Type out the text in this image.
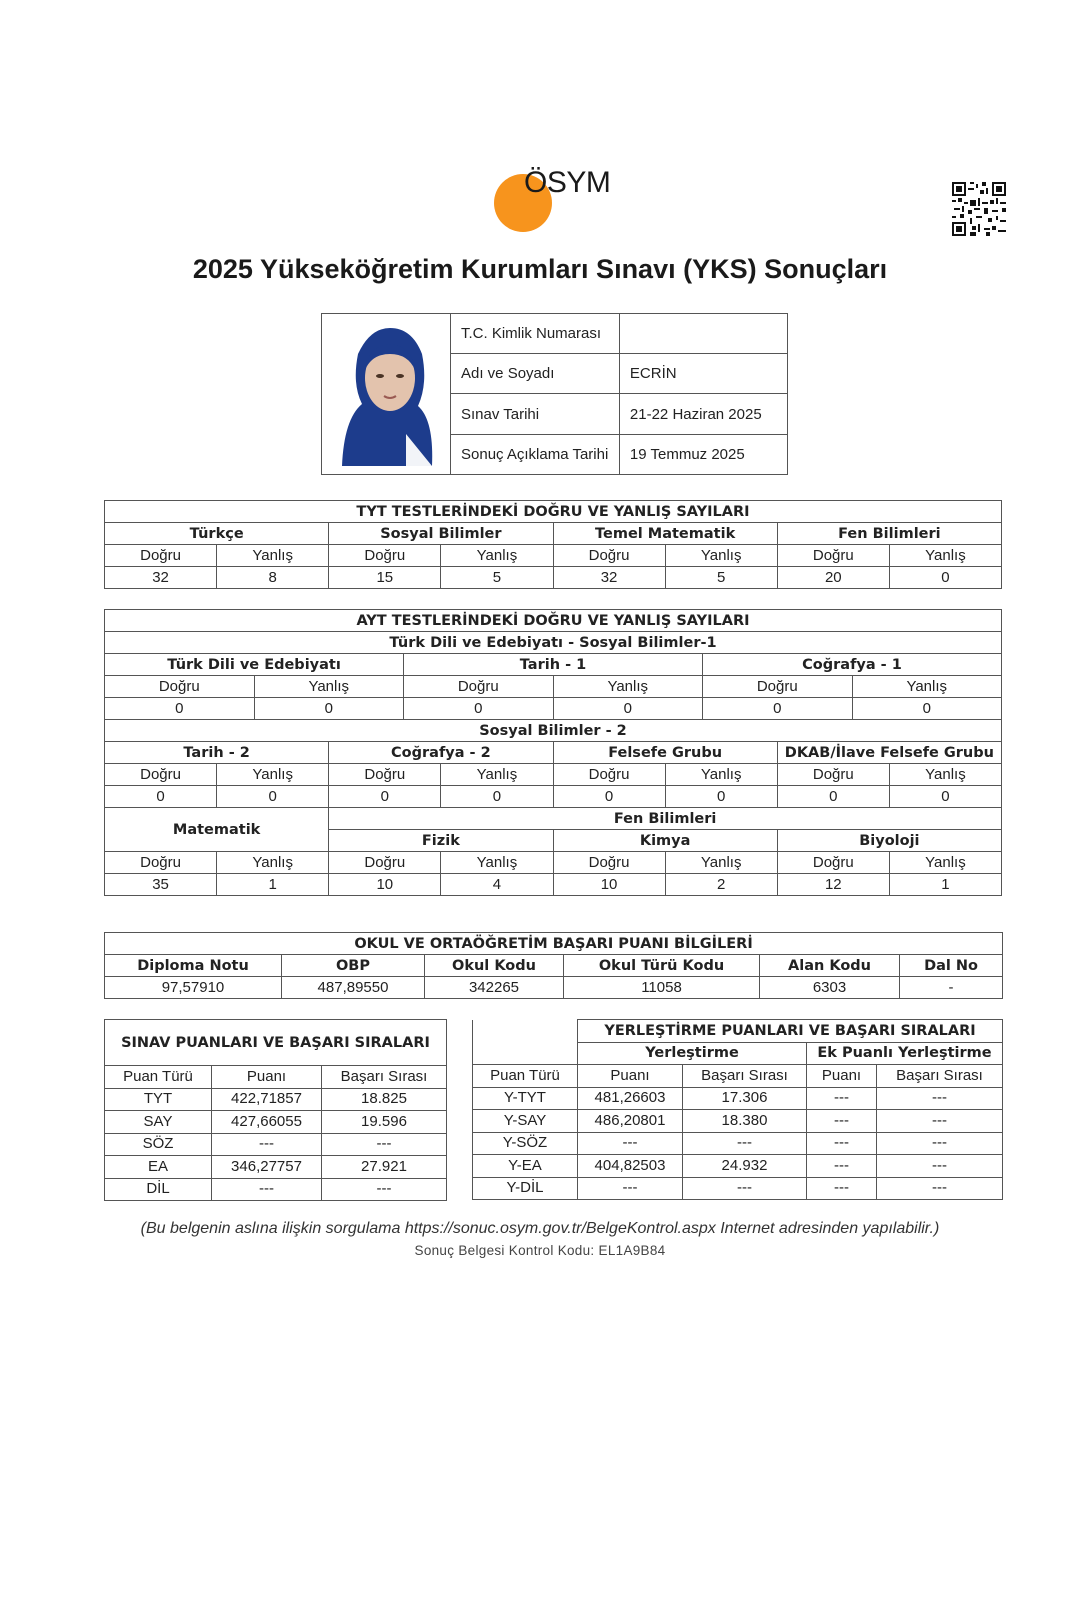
ÖSYM
2025 Yükseköğretim Kurumları Sınavı (YKS) Sonuçları
T.C. Kimlik Numarası	
Adı ve Soyadı	ECRİN
Sınav Tarihi	21-22 Haziran 2025
Sonuç Açıklama Tarihi	19 Temmuz 2025
TYT TESTLERİNDEKİ DOĞRU VE YANLIŞ SAYILARI							
Türkçe		Sosyal Bilimler		Temel Matematik		Fen Bilimleri	
Doğru	Yanlış	Doğru	Yanlış	Doğru	Yanlış	Doğru	Yanlış
32	8	15	5	32	5	20	0
AYT TESTLERİNDEKİ DOĞRU VE YANLIŞ SAYILARI											
Türk Dili ve Edebiyatı - Sosyal Bilimler-1											
Türk Dili ve Edebiyatı				Tarih - 1				Coğrafya - 1			
Doğru		Yanlış		Doğru		Yanlış		Doğru		Yanlış	
0		0		0		0		0		0	
Sosyal Bilimler - 2											
Tarih - 2			Coğrafya - 2			Felsefe Grubu			DKAB/İlave Felsefe Grubu		
Doğru	Yanlış		Doğru		Yanlış	Doğru	Yanlış		Doğru		Yanlış
0	0		0		0	0	0		0		0
Matematik			Fen Bilimleri								
			Fizik			Kimya			Biyoloji		
Doğru	Yanlış		Doğru		Yanlış	Doğru	Yanlış		Doğru		Yanlış
35	1		10		4	10	2		12		1
OKUL VE ORTAÖĞRETİM BAŞARI PUANI BİLGİLERİ					
Diploma Notu	OBP	Okul Kodu	Okul Türü Kodu	Alan Kodu	Dal No
97,57910	487,89550	342265	11058	6303	-
SINAV PUANLARI VE BAŞARI SIRALARI		

Puan Türü	Puanı	Başarı Sırası
TYT	422,71857	18.825
SAY	427,66055	19.596
SÖZ	---	---
EA	346,27757	27.921
DİL	---	---
	YERLEŞTİRME PUANLARI VE BAŞARI SIRALARI			
	Yerleştirme		Ek Puanlı Yerleştirme	
Puan Türü	Puanı	Başarı Sırası	Puanı	Başarı Sırası
Y-TYT	481,26603	17.306	---	---
Y-SAY	486,20801	18.380	---	---
Y-SÖZ	---	---	---	---
Y-EA	404,82503	24.932	---	---
Y-DİL	---	---	---	---
(Bu belgenin aslına ilişkin sorgulama https://sonuc.osym.gov.tr/BelgeKontrol.aspx Internet adresinden yapılabilir.)
Sonuç Belgesi Kontrol Kodu: EL1A9B84
